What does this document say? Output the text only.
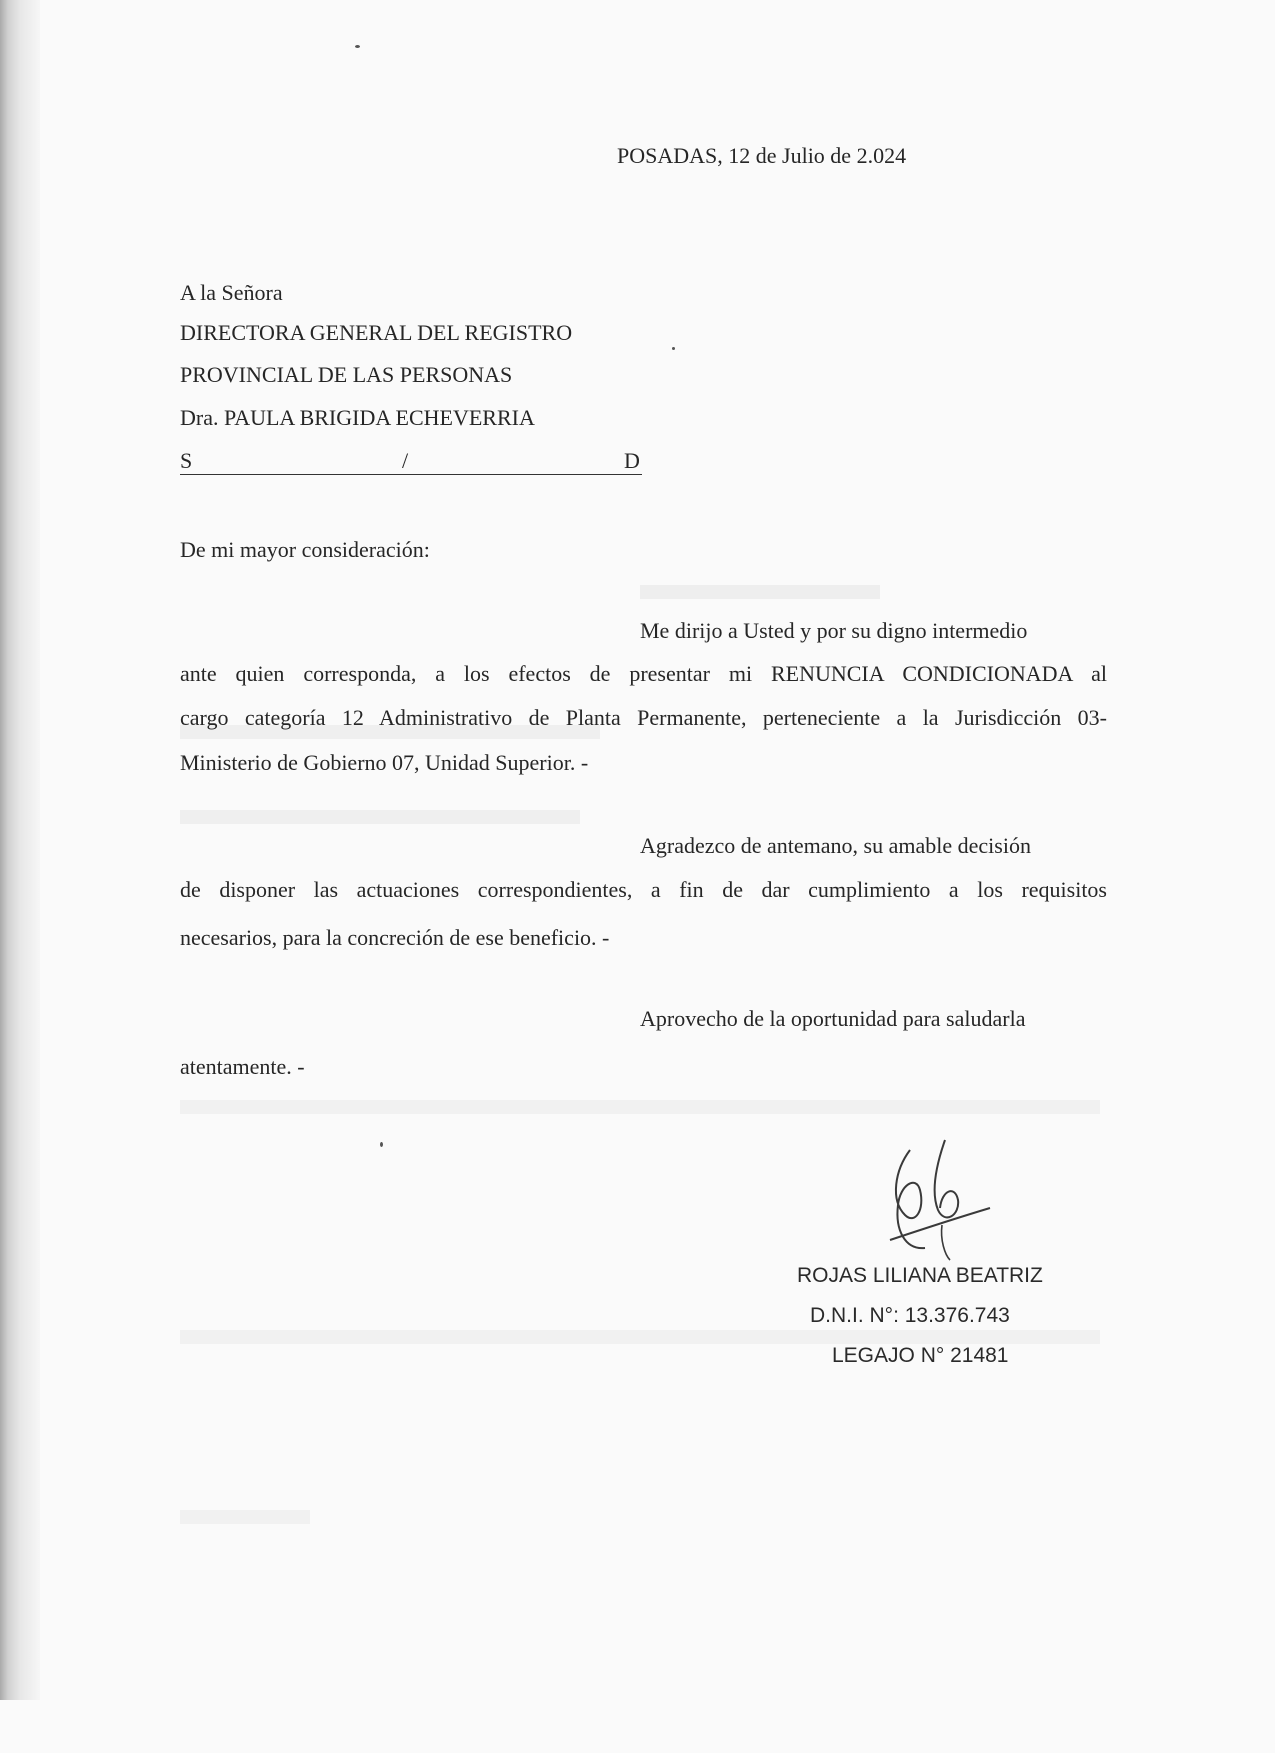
POSADAS, 12 de Julio de 2.024
A la Señora
DIRECTORA GENERAL DEL REGISTRO
PROVINCIAL DE LAS PERSONAS
Dra. PAULA BRIGIDA ECHEVERRIA
S	/	D
De mi mayor consideración:
Me dirijo a Usted y por su digno intermedio
ante quien corresponda, a los efectos de presentar mi RENUNCIA CONDICIONADA al
cargo categoría 12 Administrativo de Planta Permanente, perteneciente a la Jurisdicción 03-
Ministerio de Gobierno 07, Unidad Superior. -
Agradezco de antemano, su amable decisión
de disponer las actuaciones correspondientes, a fin de dar cumplimiento a los requisitos
necesarios, para la concreción de ese beneficio. -
Aprovecho de la oportunidad para saludarla
atentamente. -
ROJAS LILIANA BEATRIZ
D.N.I. N°: 13.376.743
LEGAJO N° 21481
